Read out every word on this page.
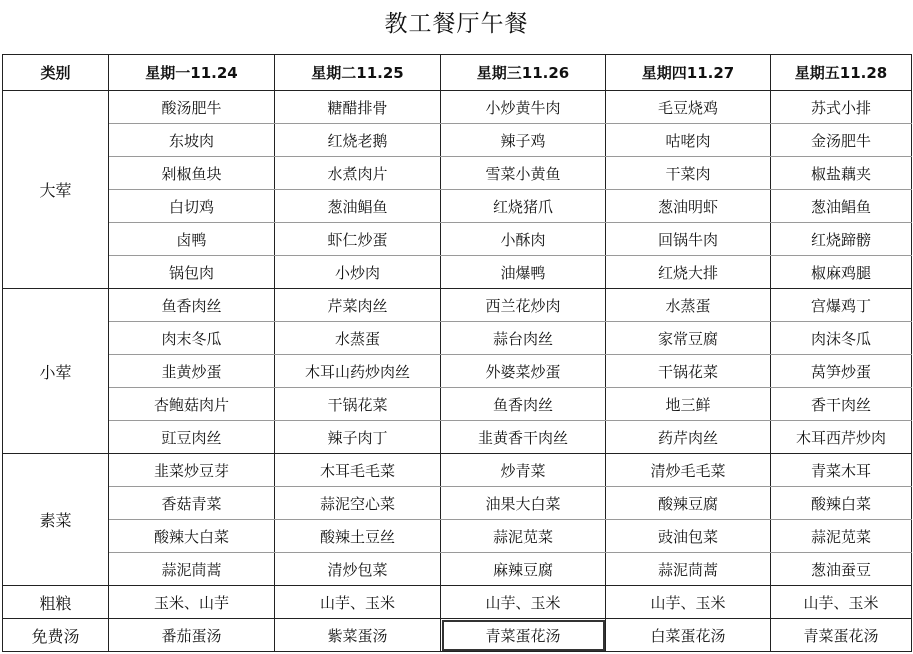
教工餐厅午餐
类别	星期一11.24	星期二11.25	星期三11.26	星期四11.27	星期五11.28
大荤	酸汤肥牛	糖醋排骨	小炒黄牛肉	毛豆烧鸡	苏式小排
	东坡肉	红烧老鹅	辣子鸡	咕咾肉	金汤肥牛
	剁椒鱼块	水煮肉片	雪菜小黄鱼	干菜肉	椒盐藕夹
	白切鸡	葱油鲳鱼	红烧猪爪	葱油明虾	葱油鲳鱼
	卤鸭	虾仁炒蛋	小酥肉	回锅牛肉	红烧蹄髈
	锅包肉	小炒肉	油爆鸭	红烧大排	椒麻鸡腿
小荤	鱼香肉丝	芹菜肉丝	西兰花炒肉	水蒸蛋	宫爆鸡丁
	肉末冬瓜	水蒸蛋	蒜台肉丝	家常豆腐	肉沫冬瓜
	韭黄炒蛋	木耳山药炒肉丝	外婆菜炒蛋	干锅花菜	莴笋炒蛋
	杏鲍菇肉片	干锅花菜	鱼香肉丝	地三鲜	香干肉丝
	豇豆肉丝	辣子肉丁	韭黄香干肉丝	药芹肉丝	木耳西芹炒肉
素菜	韭菜炒豆芽	木耳毛毛菜	炒青菜	清炒毛毛菜	青菜木耳
	香菇青菜	蒜泥空心菜	油果大白菜	酸辣豆腐	酸辣白菜
	酸辣大白菜	酸辣土豆丝	蒜泥苋菜	豉油包菜	蒜泥苋菜
	蒜泥茼蒿	清炒包菜	麻辣豆腐	蒜泥茼蒿	葱油蚕豆
粗粮	玉米、山芋	山芋、玉米	山芋、玉米	山芋、玉米	山芋、玉米
免费汤	番茄蛋汤	紫菜蛋汤	青菜蛋花汤	白菜蛋花汤	青菜蛋花汤
